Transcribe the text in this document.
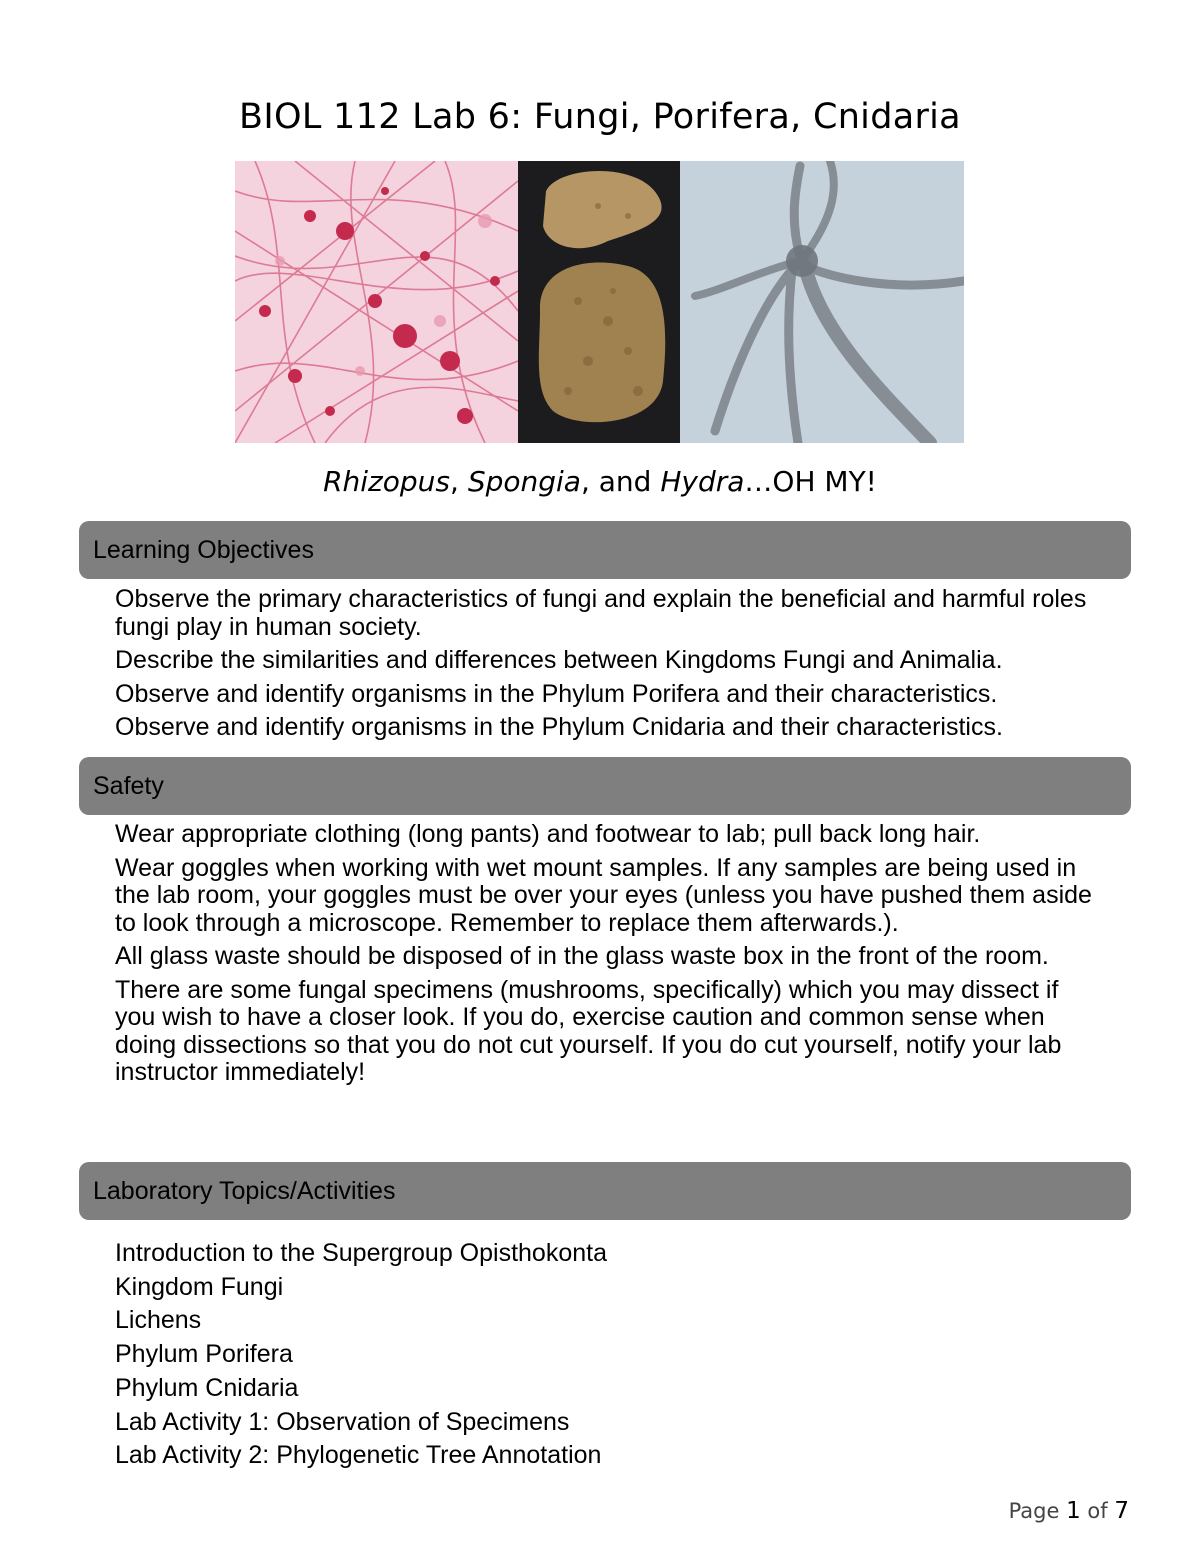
BIOL 112 Lab 6: Fungi, Porifera, Cnidaria
Rhizopus, Spongia, and Hydra…OH MY!
Learning Objectives
Observe the primary characteristics of fungi and explain the beneficial and harmful roles fungi play in human society.
Describe the similarities and differences between Kingdoms Fungi and Animalia.
Observe and identify organisms in the Phylum Porifera and their characteristics.
Observe and identify organisms in the Phylum Cnidaria and their characteristics.
Safety
Wear appropriate clothing (long pants) and footwear to lab; pull back long hair.
Wear goggles when working with wet mount samples. If any samples are being used in the lab room, your goggles must be over your eyes (unless you have pushed them aside to look through a microscope. Remember to replace them afterwards.).
All glass waste should be disposed of in the glass waste box in the front of the room.
There are some fungal specimens (mushrooms, specifically) which you may dissect if you wish to have a closer look. If you do, exercise caution and common sense when doing dissections so that you do not cut yourself. If you do cut yourself, notify your lab instructor immediately!
Laboratory Topics/Activities
Introduction to the Supergroup Opisthokonta
Kingdom Fungi
Lichens
Phylum Porifera
Phylum Cnidaria
Lab Activity 1: Observation of Specimens
Lab Activity 2: Phylogenetic Tree Annotation
Page 1 of 7
